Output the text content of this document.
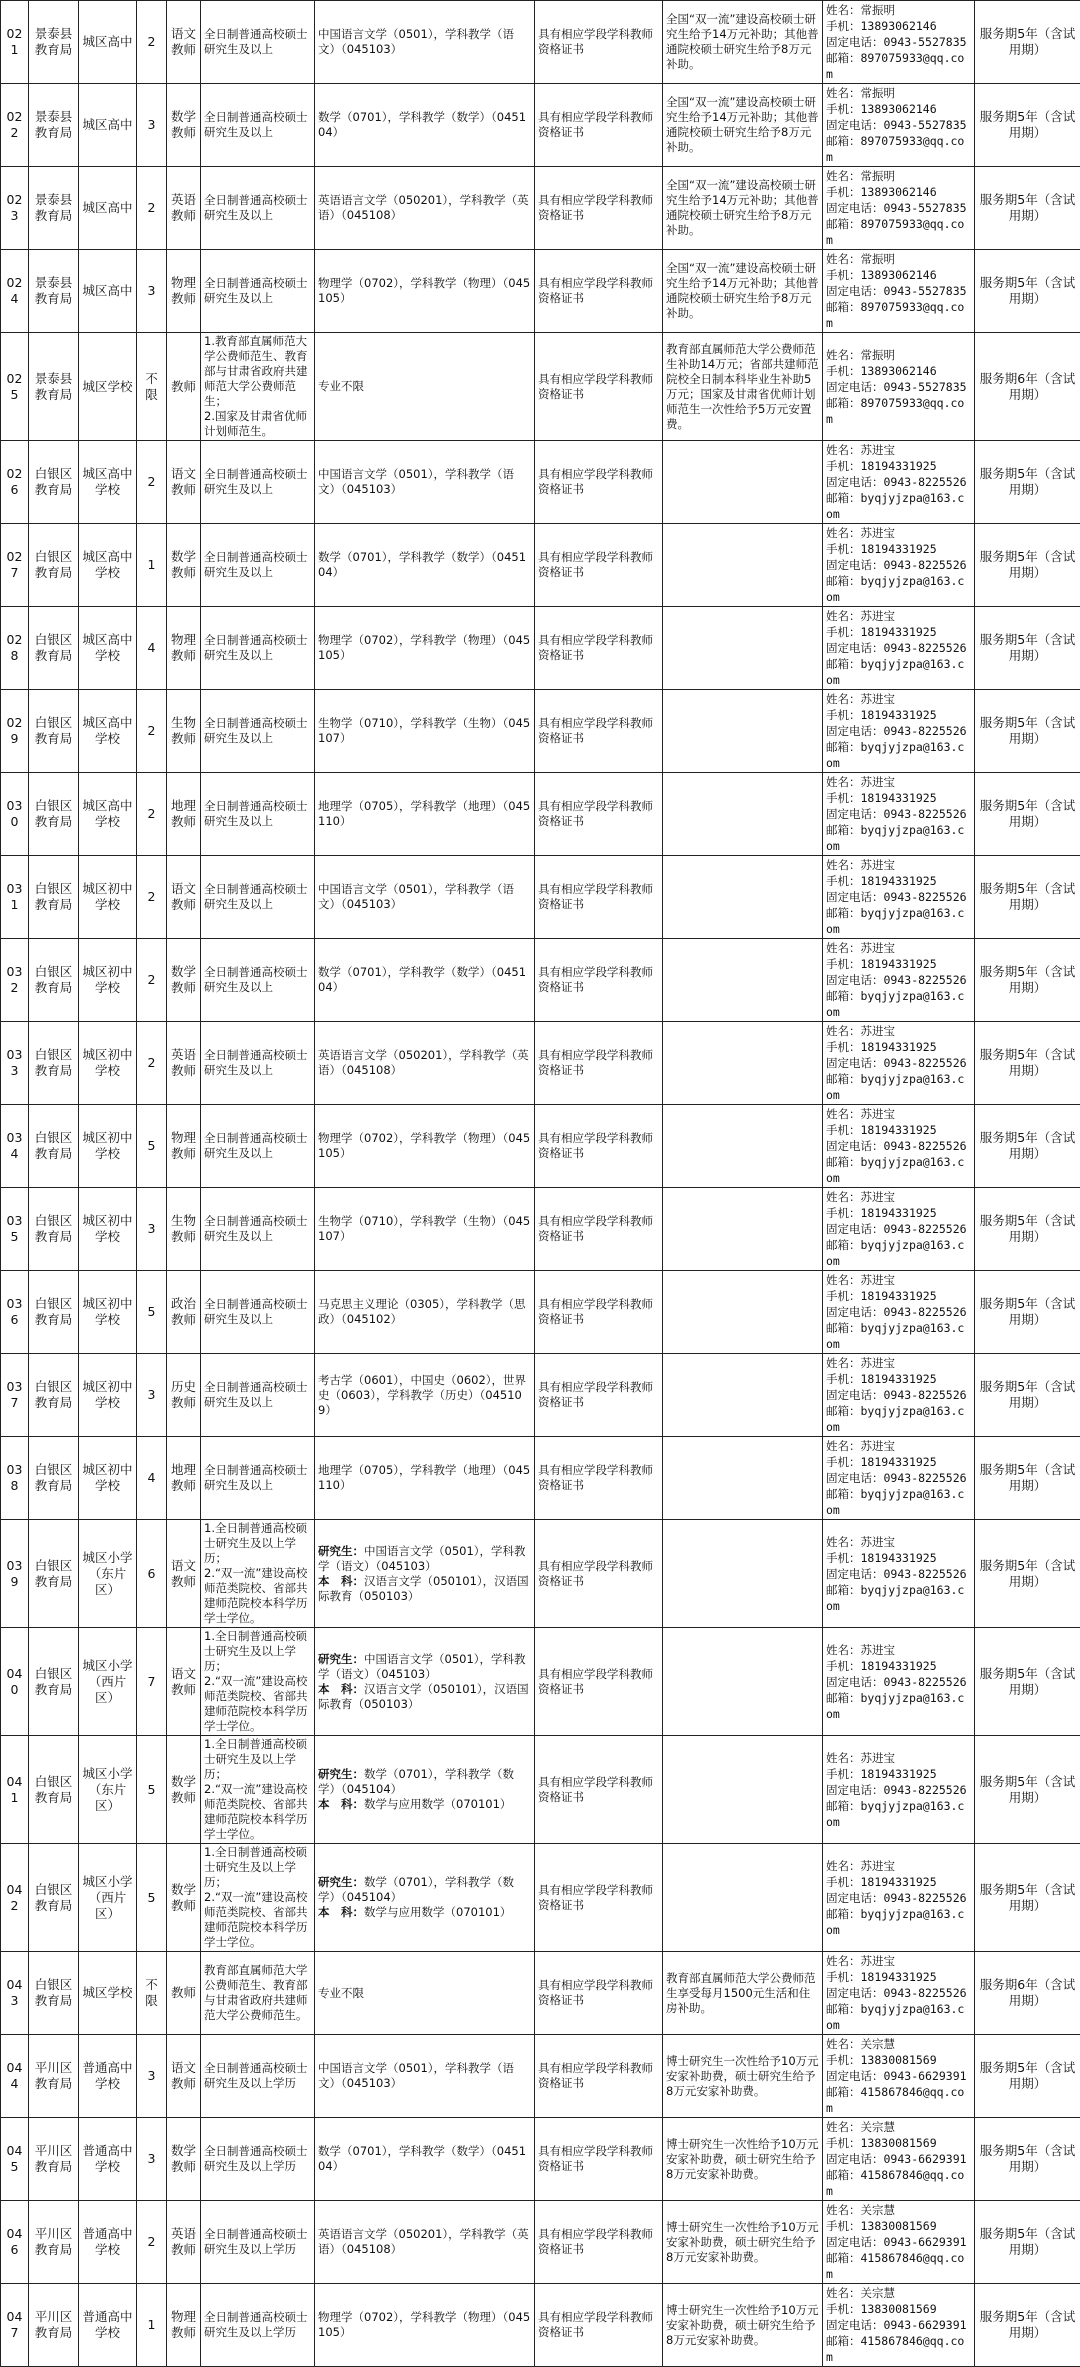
021	景泰县教育局	城区高中	2	语文教师	全日制普通高校硕士研究生及以上	中国语言文学（0501），学科教学（语文）（045103）	具有相应学段学科教师资格证书	全国“双一流”建设高校硕士研究生给予14万元补助；其他普通院校硕士研究生给予8万元补助。	姓名：常振明
手机：13893062146
固定电话：0943-5527835
邮箱：897075933@qq.com	服务期5年（含试用期）
022	景泰县教育局	城区高中	3	数学教师	全日制普通高校硕士研究生及以上	数学（0701），学科教学（数学）（045104）	具有相应学段学科教师资格证书	全国“双一流”建设高校硕士研究生给予14万元补助；其他普通院校硕士研究生给予8万元补助。	姓名：常振明
手机：13893062146
固定电话：0943-5527835
邮箱：897075933@qq.com	服务期5年（含试用期）
023	景泰县教育局	城区高中	2	英语教师	全日制普通高校硕士研究生及以上	英语语言文学（050201），学科教学（英语）（045108）	具有相应学段学科教师资格证书	全国“双一流”建设高校硕士研究生给予14万元补助；其他普通院校硕士研究生给予8万元补助。	姓名：常振明
手机：13893062146
固定电话：0943-5527835
邮箱：897075933@qq.com	服务期5年（含试用期）
024	景泰县教育局	城区高中	3	物理教师	全日制普通高校硕士研究生及以上	物理学（0702），学科教学（物理）（045105）	具有相应学段学科教师资格证书	全国“双一流”建设高校硕士研究生给予14万元补助；其他普通院校硕士研究生给予8万元补助。	姓名：常振明
手机：13893062146
固定电话：0943-5527835
邮箱：897075933@qq.com	服务期5年（含试用期）
025	景泰县教育局	城区学校	不限	教师	1.教育部直属师范大学公费师范生、教育部与甘肃省政府共建师范大学公费师范生；
2.国家及甘肃省优师计划师范生。	专业不限	具有相应学段学科教师资格证书	教育部直属师范大学公费师范生补助14万元；省部共建师范院校全日制本科毕业生补助5万元；国家及甘肃省优师计划师范生一次性给予5万元安置费。	姓名：常振明
手机：13893062146
固定电话：0943-5527835
邮箱：897075933@qq.com	服务期6年（含试用期）
026	白银区教育局	城区高中学校	2	语文教师	全日制普通高校硕士研究生及以上	中国语言文学（0501），学科教学（语文）（045103）	具有相应学段学科教师资格证书		姓名：苏进宝
手机：18194331925
固定电话：0943-8225526
邮箱：byqjyjzpa@163.com	服务期5年（含试用期）
027	白银区教育局	城区高中学校	1	数学教师	全日制普通高校硕士研究生及以上	数学（0701），学科教学（数学）（045104）	具有相应学段学科教师资格证书		姓名：苏进宝
手机：18194331925
固定电话：0943-8225526
邮箱：byqjyjzpa@163.com	服务期5年（含试用期）
028	白银区教育局	城区高中学校	4	物理教师	全日制普通高校硕士研究生及以上	物理学（0702），学科教学（物理）（045105）	具有相应学段学科教师资格证书		姓名：苏进宝
手机：18194331925
固定电话：0943-8225526
邮箱：byqjyjzpa@163.com	服务期5年（含试用期）
029	白银区教育局	城区高中学校	2	生物教师	全日制普通高校硕士研究生及以上	生物学（0710），学科教学（生物）（045107）	具有相应学段学科教师资格证书		姓名：苏进宝
手机：18194331925
固定电话：0943-8225526
邮箱：byqjyjzpa@163.com	服务期5年（含试用期）
030	白银区教育局	城区高中学校	2	地理教师	全日制普通高校硕士研究生及以上	地理学（0705），学科教学（地理）（045110）	具有相应学段学科教师资格证书		姓名：苏进宝
手机：18194331925
固定电话：0943-8225526
邮箱：byqjyjzpa@163.com	服务期5年（含试用期）
031	白银区教育局	城区初中学校	2	语文教师	全日制普通高校硕士研究生及以上	中国语言文学（0501），学科教学（语文）（045103）	具有相应学段学科教师资格证书		姓名：苏进宝
手机：18194331925
固定电话：0943-8225526
邮箱：byqjyjzpa@163.com	服务期5年（含试用期）
032	白银区教育局	城区初中学校	2	数学教师	全日制普通高校硕士研究生及以上	数学（0701），学科教学（数学）（045104）	具有相应学段学科教师资格证书		姓名：苏进宝
手机：18194331925
固定电话：0943-8225526
邮箱：byqjyjzpa@163.com	服务期5年（含试用期）
033	白银区教育局	城区初中学校	2	英语教师	全日制普通高校硕士研究生及以上	英语语言文学（050201），学科教学（英语）（045108）	具有相应学段学科教师资格证书		姓名：苏进宝
手机：18194331925
固定电话：0943-8225526
邮箱：byqjyjzpa@163.com	服务期5年（含试用期）
034	白银区教育局	城区初中学校	5	物理教师	全日制普通高校硕士研究生及以上	物理学（0702），学科教学（物理）（045105）	具有相应学段学科教师资格证书		姓名：苏进宝
手机：18194331925
固定电话：0943-8225526
邮箱：byqjyjzpa@163.com	服务期5年（含试用期）
035	白银区教育局	城区初中学校	3	生物教师	全日制普通高校硕士研究生及以上	生物学（0710），学科教学（生物）（045107）	具有相应学段学科教师资格证书		姓名：苏进宝
手机：18194331925
固定电话：0943-8225526
邮箱：byqjyjzpa@163.com	服务期5年（含试用期）
036	白银区教育局	城区初中学校	5	政治教师	全日制普通高校硕士研究生及以上	马克思主义理论（0305），学科教学（思政）（045102）	具有相应学段学科教师资格证书		姓名：苏进宝
手机：18194331925
固定电话：0943-8225526
邮箱：byqjyjzpa@163.com	服务期5年（含试用期）
037	白银区教育局	城区初中学校	3	历史教师	全日制普通高校硕士研究生及以上	考古学（0601），中国史（0602），世界史（0603），学科教学（历史）（045109）	具有相应学段学科教师资格证书		姓名：苏进宝
手机：18194331925
固定电话：0943-8225526
邮箱：byqjyjzpa@163.com	服务期5年（含试用期）
038	白银区教育局	城区初中学校	4	地理教师	全日制普通高校硕士研究生及以上	地理学（0705），学科教学（地理）（045110）	具有相应学段学科教师资格证书		姓名：苏进宝
手机：18194331925
固定电话：0943-8225526
邮箱：byqjyjzpa@163.com	服务期5年（含试用期）
039	白银区教育局	城区小学（东片区）	6	语文教师	1.全日制普通高校硕士研究生及以上学历；
2.“双一流”建设高校师范类院校、省部共建师范院校本科学历学士学位。	研究生：中国语言文学（0501），学科教学（语文）（045103）
本　科：汉语言文学（050101），汉语国际教育（050103）	具有相应学段学科教师资格证书		姓名：苏进宝
手机：18194331925
固定电话：0943-8225526
邮箱：byqjyjzpa@163.com	服务期5年（含试用期）
040	白银区教育局	城区小学（西片区）	7	语文教师	1.全日制普通高校硕士研究生及以上学历；
2.“双一流”建设高校师范类院校、省部共建师范院校本科学历学士学位。	研究生：中国语言文学（0501），学科教学（语文）（045103）
本　科：汉语言文学（050101），汉语国际教育（050103）	具有相应学段学科教师资格证书		姓名：苏进宝
手机：18194331925
固定电话：0943-8225526
邮箱：byqjyjzpa@163.com	服务期5年（含试用期）
041	白银区教育局	城区小学（东片区）	5	数学教师	1.全日制普通高校硕士研究生及以上学历；
2.“双一流”建设高校师范类院校、省部共建师范院校本科学历学士学位。	研究生：数学（0701），学科教学（数学）（045104）
本　科：数学与应用数学（070101）	具有相应学段学科教师资格证书		姓名：苏进宝
手机：18194331925
固定电话：0943-8225526
邮箱：byqjyjzpa@163.com	服务期5年（含试用期）
042	白银区教育局	城区小学（西片区）	5	数学教师	1.全日制普通高校硕士研究生及以上学历；
2.“双一流”建设高校师范类院校、省部共建师范院校本科学历学士学位。	研究生：数学（0701），学科教学（数学）（045104）
本　科：数学与应用数学（070101）	具有相应学段学科教师资格证书		姓名：苏进宝
手机：18194331925
固定电话：0943-8225526
邮箱：byqjyjzpa@163.com	服务期5年（含试用期）
043	白银区教育局	城区学校	不限	教师	教育部直属师范大学公费师范生、教育部与甘肃省政府共建师范大学公费师范生。	专业不限	具有相应学段学科教师资格证书	教育部直属师范大学公费师范生享受每月1500元生活和住房补助。	姓名：苏进宝
手机：18194331925
固定电话：0943-8225526
邮箱：byqjyjzpa@163.com	服务期6年（含试用期）
044	平川区教育局	普通高中学校	3	语文教师	全日制普通高校硕士研究生及以上学历	中国语言文学（0501），学科教学（语文）（045103）	具有相应学段学科教师资格证书	博士研究生一次性给予10万元安家补助费，硕士研究生给予8万元安家补助费。	姓名：关宗慧
手机：13830081569
固定电话：0943-6629391
邮箱：415867846@qq.com	服务期5年（含试用期）
045	平川区教育局	普通高中学校	3	数学教师	全日制普通高校硕士研究生及以上学历	数学（0701），学科教学（数学）（045104）	具有相应学段学科教师资格证书	博士研究生一次性给予10万元安家补助费，硕士研究生给予8万元安家补助费。	姓名：关宗慧
手机：13830081569
固定电话：0943-6629391
邮箱：415867846@qq.com	服务期5年（含试用期）
046	平川区教育局	普通高中学校	2	英语教师	全日制普通高校硕士研究生及以上学历	英语语言文学（050201），学科教学（英语）（045108）	具有相应学段学科教师资格证书	博士研究生一次性给予10万元安家补助费，硕士研究生给予8万元安家补助费。	姓名：关宗慧
手机：13830081569
固定电话：0943-6629391
邮箱：415867846@qq.com	服务期5年（含试用期）
047	平川区教育局	普通高中学校	1	物理教师	全日制普通高校硕士研究生及以上学历	物理学（0702），学科教学（物理）（045105）	具有相应学段学科教师资格证书	博士研究生一次性给予10万元安家补助费，硕士研究生给予8万元安家补助费。	姓名：关宗慧
手机：13830081569
固定电话：0943-6629391
邮箱：415867846@qq.com	服务期5年（含试用期）
